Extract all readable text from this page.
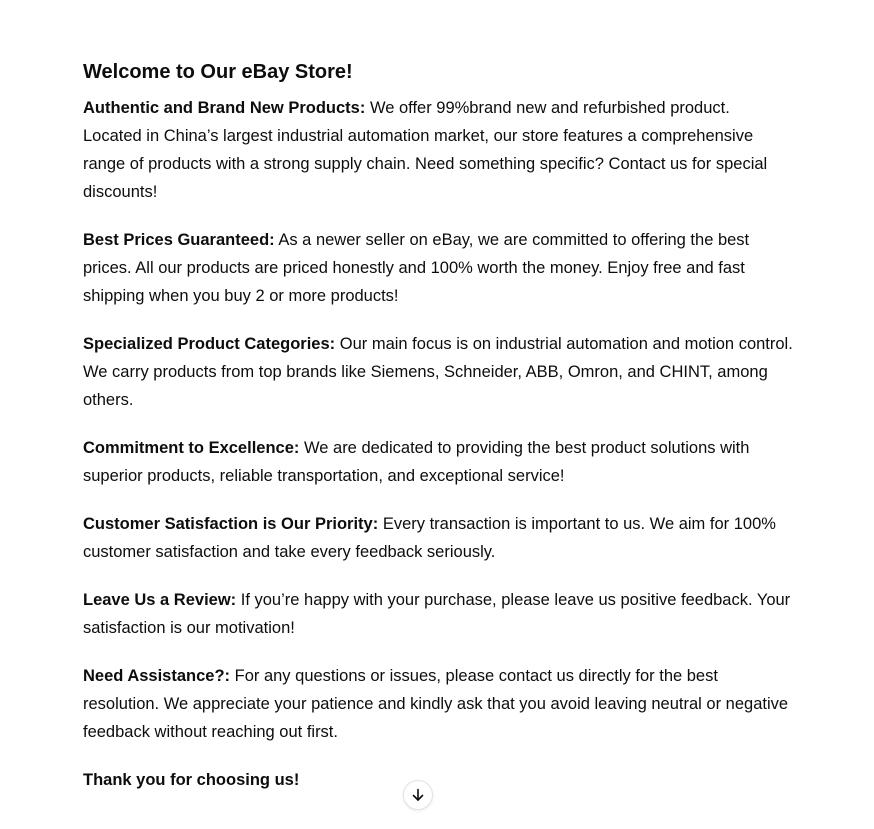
Welcome to Our eBay Store!

Authentic and Brand New Products: We offer 99%brand new and refurbished product. Located in China’s largest industrial automation market, our store features a comprehensive range of products with a strong supply chain. Need something specific? Contact us for special discounts!

Best Prices Guaranteed: As a newer seller on eBay, we are committed to offering the best prices. All our products are priced honestly and 100% worth the money. Enjoy free and fast shipping when you buy 2 or more products!

Specialized Product Categories: Our main focus is on industrial automation and motion control. We carry products from top brands like Siemens, Schneider, ABB, Omron, and CHINT, among others.

Commitment to Excellence: We are dedicated to providing the best product solutions with superior products, reliable transportation, and exceptional service!

Customer Satisfaction is Our Priority: Every transaction is important to us. We aim for 100% customer satisfaction and take every feedback seriously.

Leave Us a Review: If you’re happy with your purchase, please leave us positive feedback. Your satisfaction is our motivation!

Need Assistance?: For any questions or issues, please contact us directly for the best resolution. We appreciate your patience and kindly ask that you avoid leaving neutral or negative feedback without reaching out first.

Thank you for choosing us!
